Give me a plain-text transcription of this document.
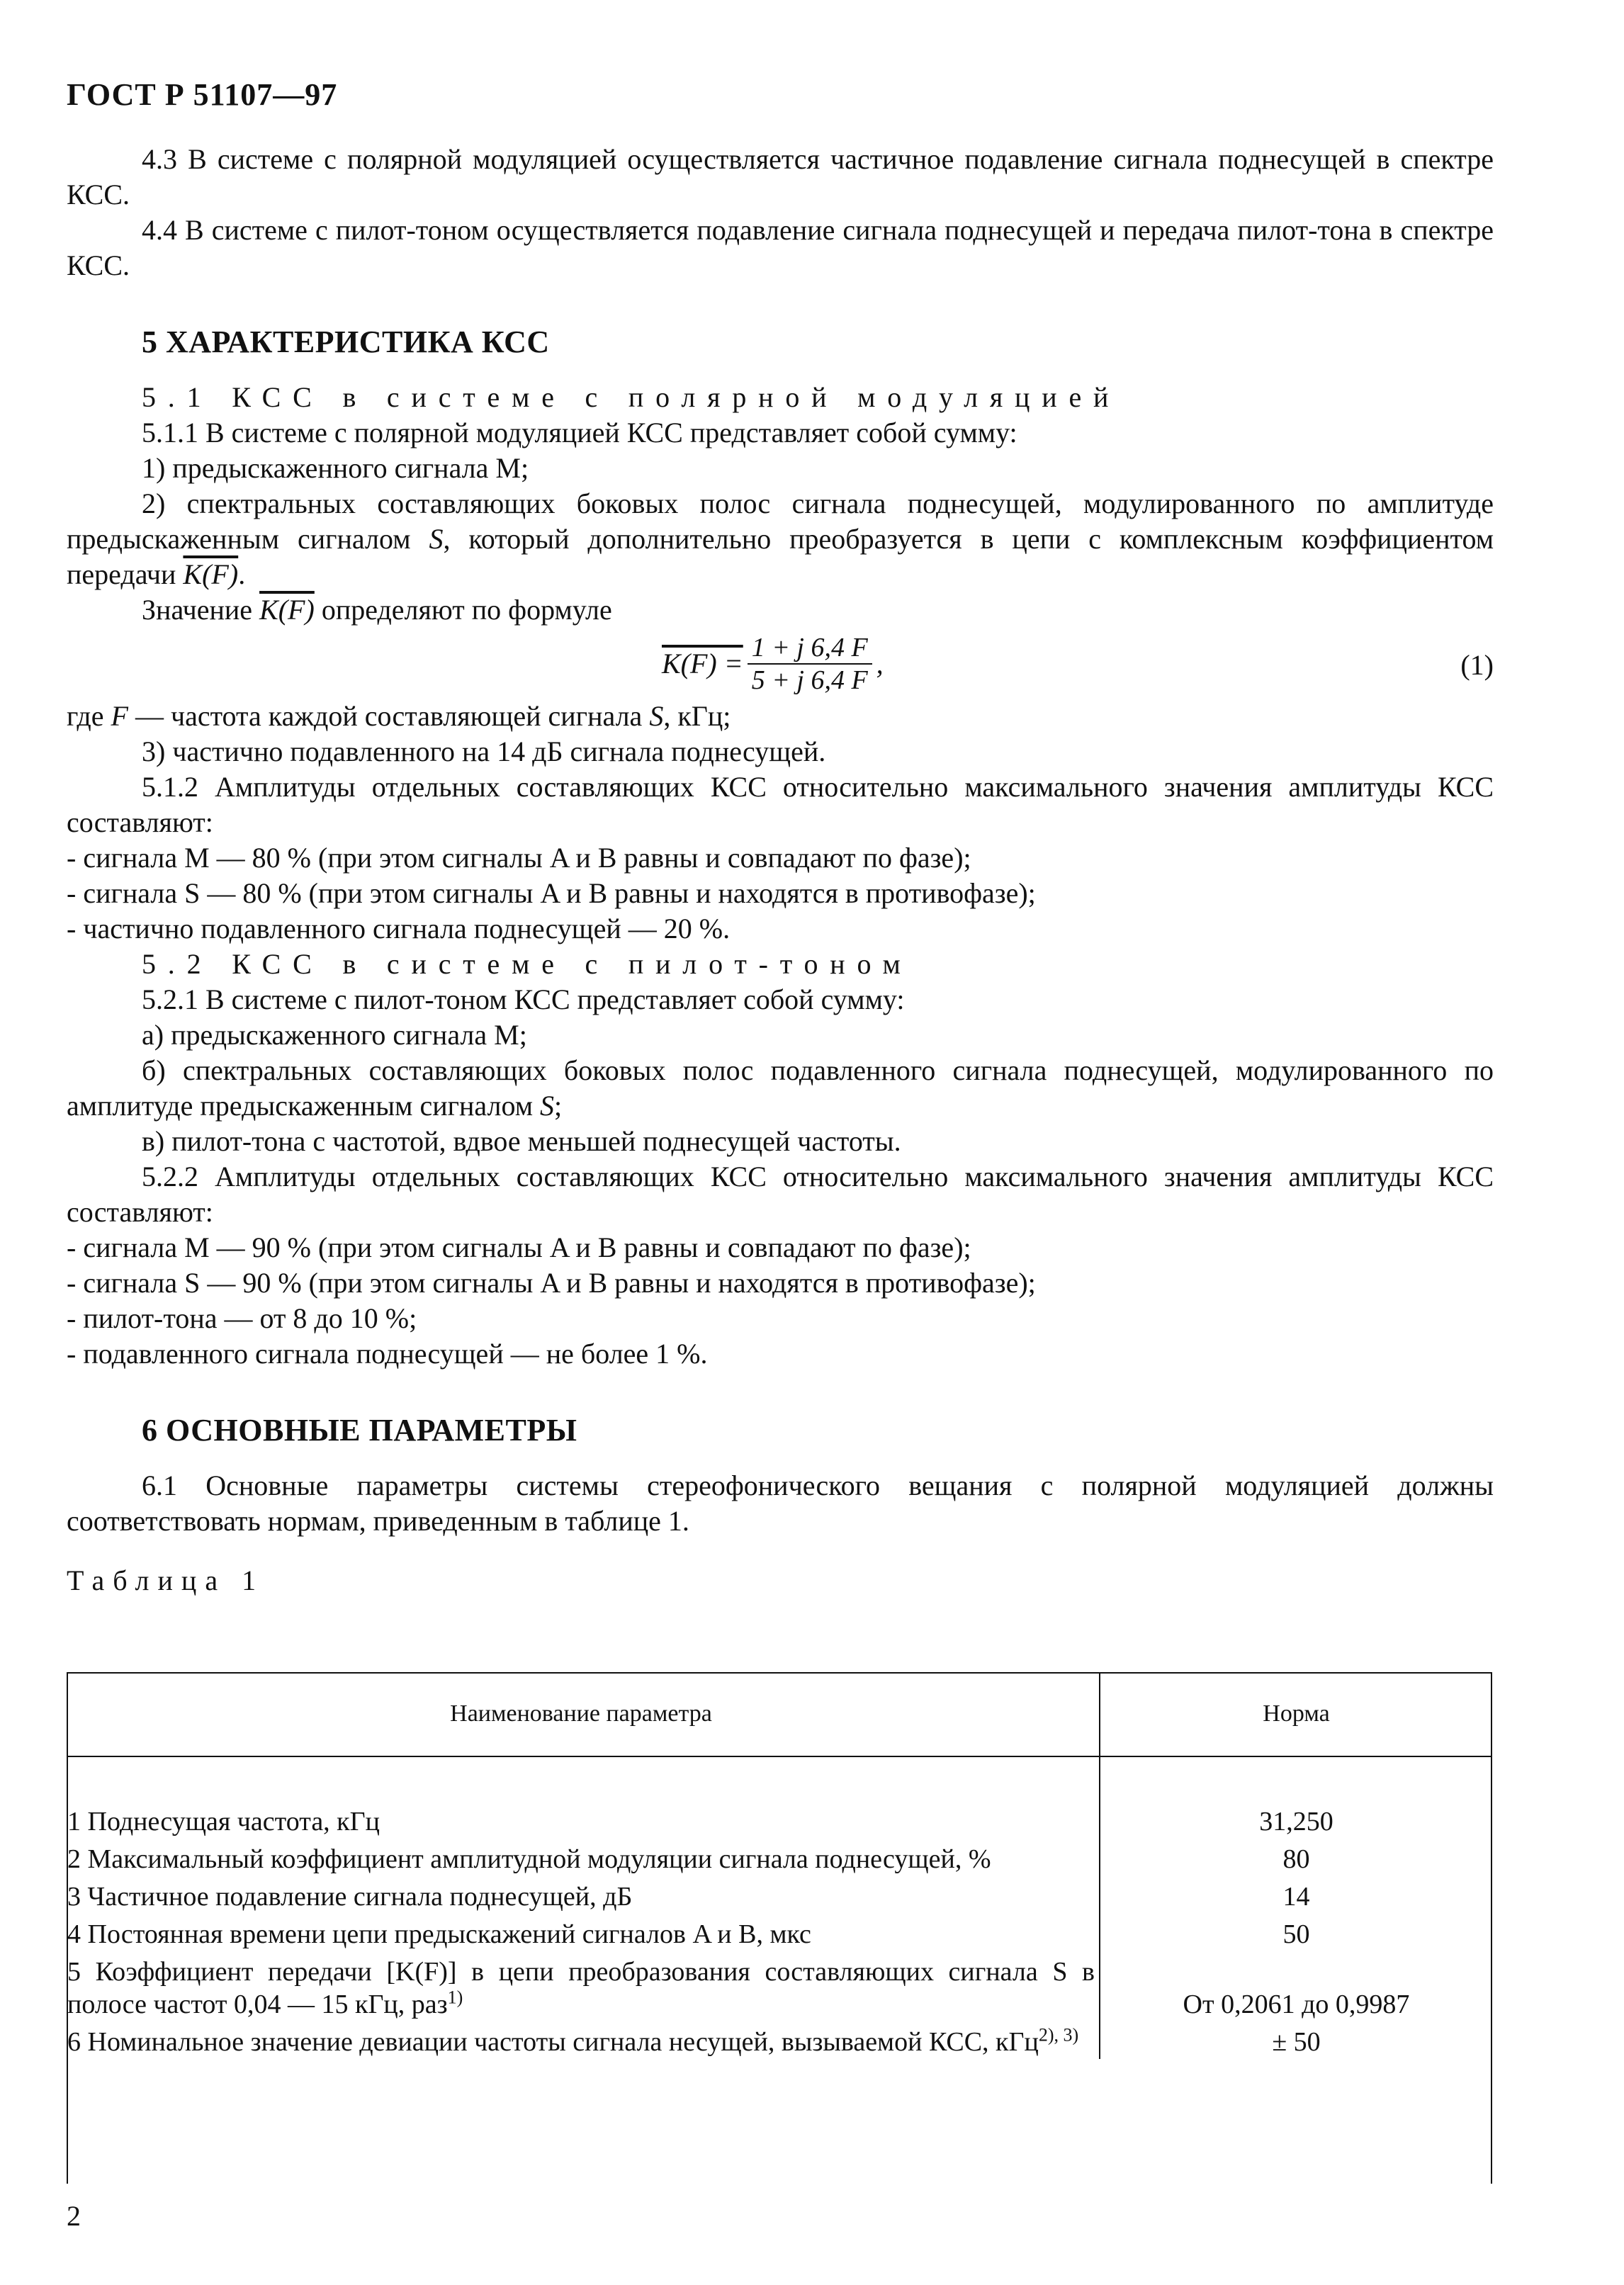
ГОСТ Р 51107—97

4.3 В системе с полярной модуляцией осуществляется частичное подавление сигнала поднесущей в спектре КСС.

4.4 В системе с пилот-тоном осуществляется подавление сигнала поднесущей и передача пилот-тона в спектре КСС.

5 ХАРАКТЕРИСТИКА КСС

5.1 КСС в системе с полярной модуляцией

5.1.1 В системе с полярной модуляцией КСС представляет собой сумму:

1) предыскаженного сигнала М;

2) спектральных составляющих боковых полос сигнала поднесущей, модулированного по амплитуде предыскаженным сигналом S, который дополнительно преобразуется в цепи с комплексным коэффициентом передачи K(F).

Значение K(F) определяют по формуле

$K(F) = \frac{1 + j 6,4 F}{5 + j 6,4 F}$ ,	(1)

где F — частота каждой составляющей сигнала S, кГц;

3) частично подавленного на 14 дБ сигнала поднесущей.

5.1.2 Амплитуды отдельных составляющих КСС относительно максимального значения амплитуды КСС составляют:

- сигнала M — 80 % (при этом сигналы A и B равны и совпадают по фазе);

- сигнала S — 80 % (при этом сигналы A и B равны и находятся в противофазе);

- частично подавленного сигнала поднесущей — 20 %.

5.2 КСС в системе с пилот-тоном

5.2.1 В системе с пилот-тоном КСС представляет собой сумму:

а) предыскаженного сигнала М;

б) спектральных составляющих боковых полос подавленного сигнала поднесущей, модулированного по амплитуде предыскаженным сигналом S;

в) пилот-тона с частотой, вдвое меньшей поднесущей частоты.

5.2.2 Амплитуды отдельных составляющих КСС относительно максимального значения амплитуды КСС составляют:

- сигнала M — 90 % (при этом сигналы A и B равны и совпадают по фазе);

- сигнала S — 90 % (при этом сигналы A и B равны и находятся в противофазе);

- пилот-тона — от 8 до 10 %;

- подавленного сигнала поднесущей — не более 1 %.

6 ОСНОВНЫЕ ПАРАМЕТРЫ

6.1 Основные параметры системы стереофонического вещания с полярной модуляцией должны соответствовать нормам, приведенным в таблице 1.

Таблица 1

Наименование параметра	Норма
1 Поднесущая частота, кГц	31,250
2 Максимальный коэффициент амплитудной модуляции сигнала поднесущей, %	80
3 Частичное подавление сигнала поднесущей, дБ	14
4 Постоянная времени цепи предыскажений сигналов A и B, мкс	50
5 Коэффициент передачи [K(F)] в цепи преобразования составляющих сигнала S в полосе частот 0,04 — 15 кГц, раз$^{1)}$	От 0,2061 до 0,9987
6 Номинальное значение девиации частоты сигнала несущей, вызываемой КСС, кГц$^{2), 3)}$	± 50
2
